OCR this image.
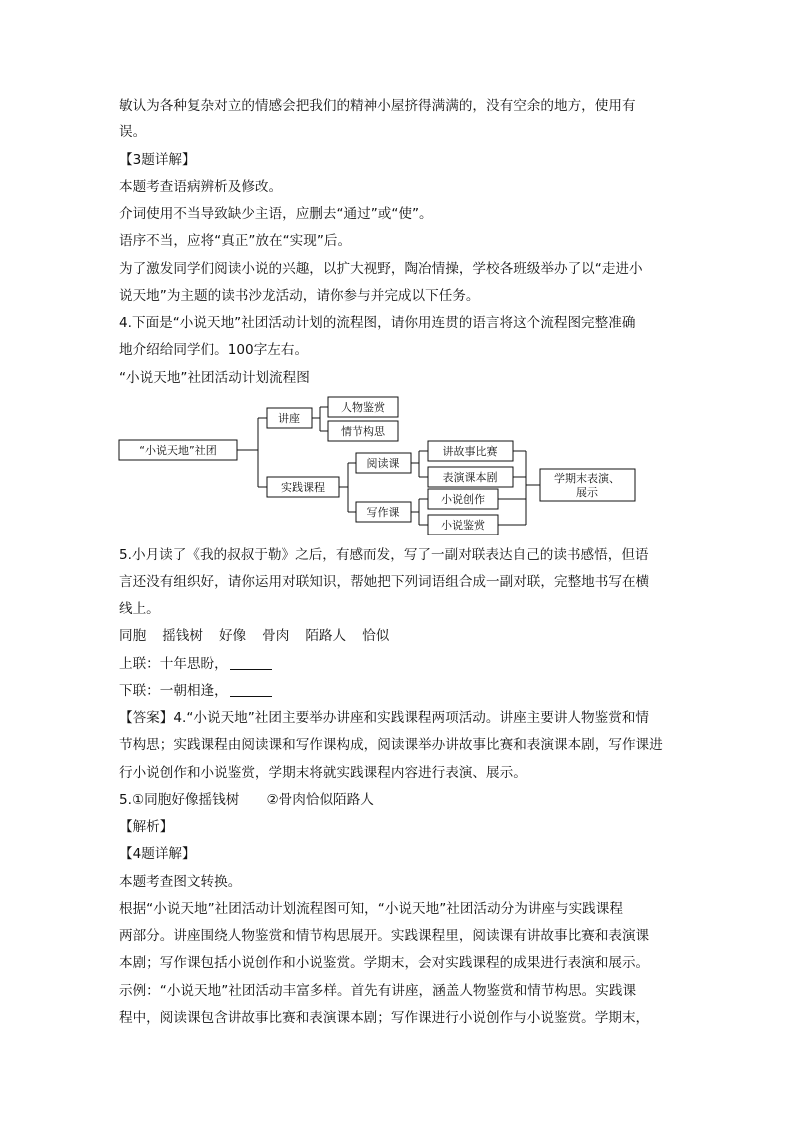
敏认为各种复杂对立的情感会把我们的精神小屋挤得满满的，没有空余的地方，使用有
误。
【3题详解】
本题考查语病辨析及修改。
介词使用不当导致缺少主语，应删去“通过”或“使”。
语序不当，应将“真正”放在“实现”后。
为了激发同学们阅读小说的兴趣，以扩大视野，陶冶情操，学校各班级举办了以“走进小
说天地”为主题的读书沙龙活动，请你参与并完成以下任务。
4.下面是“小说天地”社团活动计划的流程图，请你用连贯的语言将这个流程图完整准确
地介绍给同学们。100字左右。
“小说天地”社团活动计划流程图
“小说天地”社团
讲座
人物鉴赏
情节构思
实践课程
阅读课
讲故事比赛
表演课本剧
写作课
小说创作
小说鉴赏
学期末表演、
展示
5.小月读了《我的叔叔于勒》之后，有感而发，写了一副对联表达自己的读书感悟，但语
言还没有组织好，请你运用对联知识，帮她把下列词语组合成一副对联，完整地书写在横
线上。
同胞 摇钱树 好像 骨肉 陌路人 恰似
上联：十年思盼，
下联：一朝相逢，
【答案】4.“小说天地”社团主要举办讲座和实践课程两项活动。讲座主要讲人物鉴赏和情
节构思；实践课程由阅读课和写作课构成，阅读课举办讲故事比赛和表演课本剧，写作课进
行小说创作和小说鉴赏，学期末将就实践课程内容进行表演、展示。
5.①同胞好像摇钱树　　②骨肉恰似陌路人
【解析】
【4题详解】
本题考查图文转换。
根据“小说天地”社团活动计划流程图可知，“小说天地”社团活动分为讲座与实践课程
两部分。讲座围绕人物鉴赏和情节构思展开。实践课程里，阅读课有讲故事比赛和表演课
本剧；写作课包括小说创作和小说鉴赏。学期末，会对实践课程的成果进行表演和展示。
示例：“小说天地”社团活动丰富多样。首先有讲座，涵盖人物鉴赏和情节构思。实践课
程中，阅读课包含讲故事比赛和表演课本剧；写作课进行小说创作与小说鉴赏。学期末，
